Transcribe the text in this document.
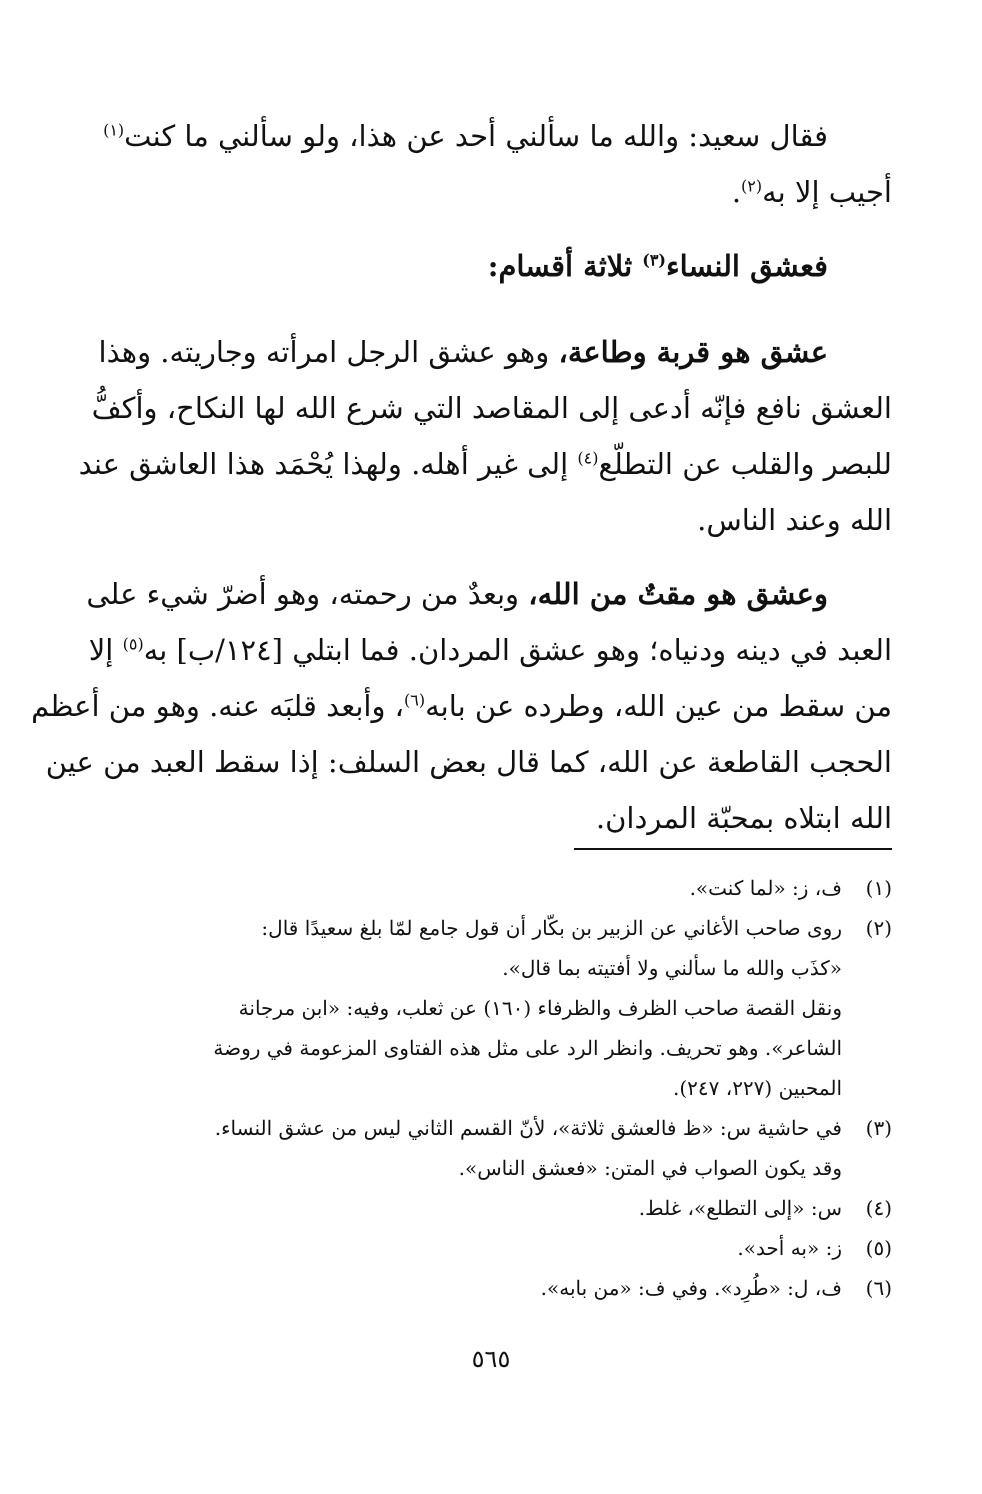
فقال سعيد: والله ما سألني أحد عن هذا، ولو سألني ما كنت$^{(١)}$
أجيب إلا به$^{(٢)}$.
فعشق النساء$^{(٣)}$ ثلاثة أقسام:
عشق هو قربة وطاعة، وهو عشق الرجل امرأته وجاريته. وهذا
العشق نافع فإنّه أدعى إلى المقاصد التي شرع الله لها النكاح، وأكفُّ
للبصر والقلب عن التطلّع$^{(٤)}$ إلى غير أهله. ولهذا يُحْمَد هذا العاشق عند
الله وعند الناس.
وعشق هو مقتٌ من الله، وبعدٌ من رحمته، وهو أضرّ شيء على
العبد في دينه ودنياه؛ وهو عشق المردان. فما ابتلي [١٢٤/ب] به$^{(٥)}$ إلا
من سقط من عين الله، وطرده عن بابه$^{(٦)}$، وأبعد قلبَه عنه. وهو من أعظم
الحجب القاطعة عن الله، كما قال بعض السلف: إذا سقط العبد من عين
الله ابتلاه بمحبّة المردان.
(١)
ف، ز: «لما كنت».
(٢)
روى صاحب الأغاني عن الزبير بن بكّار أن قول جامع لمّا بلغ سعيدًا قال:
«كذَب والله ما سألني ولا أفتيته بما قال».
ونقل القصة صاحب الظرف والظرفاء (١٦٠) عن ثعلب، وفيه: «ابن مرجانة
الشاعر». وهو تحريف. وانظر الرد على مثل هذه الفتاوى المزعومة في روضة
المحبين (٢٢٧، ٢٤٧).
(٣)
في حاشية س: «ظ فالعشق ثلاثة»، لأنّ القسم الثاني ليس من عشق النساء.
وقد يكون الصواب في المتن: «فعشق الناس».
(٤)
س: «إلى التطلع»، غلط.
(٥)
ز: «به أحد».
(٦)
ف، ل: «طُرِد». وفي ف: «من بابه».
٥٦٥
